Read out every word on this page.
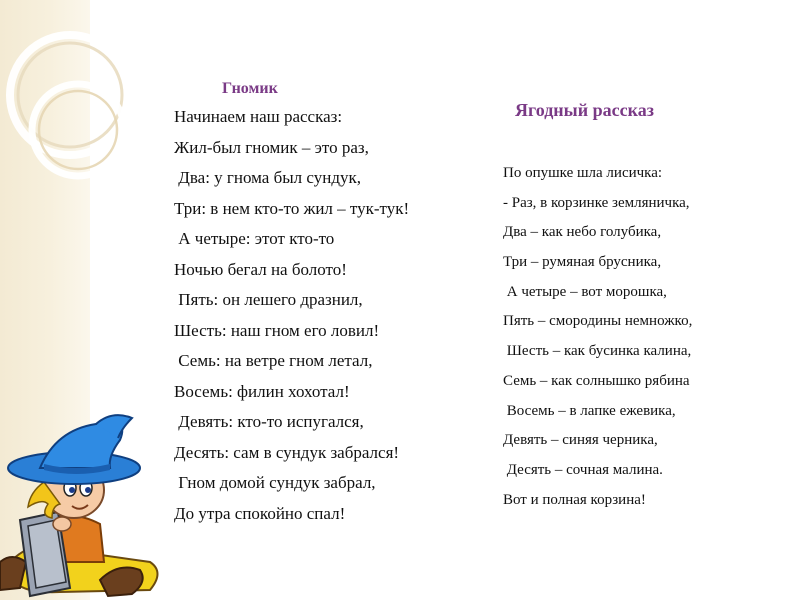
Гномик
Начинаем наш рассказ:
Жил-был гномик – это раз,
Два: у гнома был сундук,
Три: в нем кто-то жил – тук-тук!
А четыре: этот кто-то
Ночью бегал на болото!
Пять: он лешего дразнил,
Шесть: наш гном его ловил!
Семь: на ветре гном летал,
Восемь: филин хохотал!
Девять: кто-то испугался,
Десять: сам в сундук забрался!
Гном домой сундук забрал,
До утра спокойно спал!
Ягодный рассказ
По опушке шла лисичка:
- Раз, в корзинке земляничка,
Два – как небо голубика,
Три – румяная брусника,
А четыре – вот морошка,
Пять – смородины немножко,
Шесть – как бусинка калина,
Семь – как солнышко рябина
Восемь – в лапке ежевика,
Девять – синяя черника,
Десять – сочная малина.
Вот и полная корзина!
